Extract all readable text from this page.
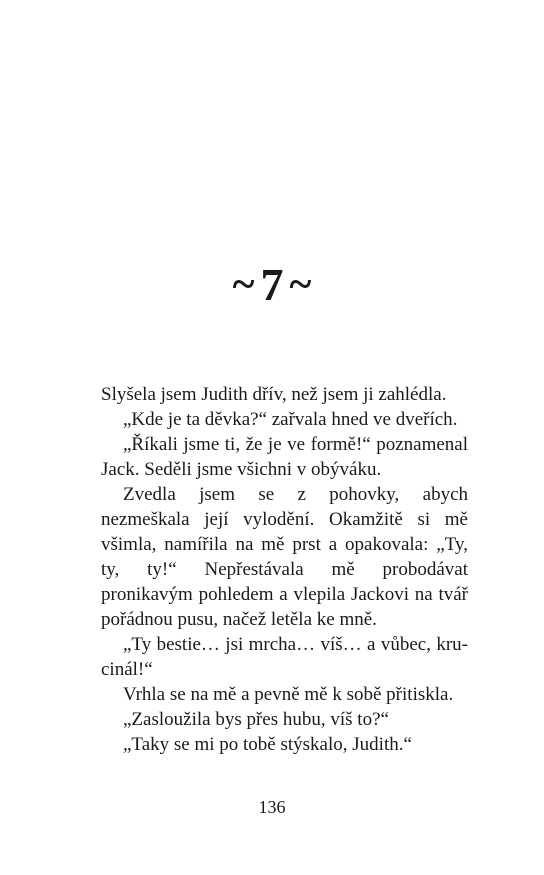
~ 7 ~

Slyšela jsem Judith dřív, než jsem ji zahlédla.

„Kde je ta děvka?“ zařvala hned ve dveřích.

„Říkali jsme ti, že je ve formě!“ poznamenal Jack. Seděli jsme všichni v obýváku.

Zvedla jsem se z pohovky, abych nezmeškala její vylodění. Okamžitě si mě všimla, namířila na mě prst a opakovala: „Ty, ty, ty!“ Nepřestávala mě probodávat pronikavým pohledem a vlepila Jackovi na tvář pořádnou pusu, načež letěla ke mně.

„Ty bestie… jsi mrcha… víš… a vůbec, krucinál!“

Vrhla se na mě a pevně mě k sobě přitiskla.

„Zasloužila bys přes hubu, víš to?“

„Taky se mi po tobě stýskalo, Judith.“

136
